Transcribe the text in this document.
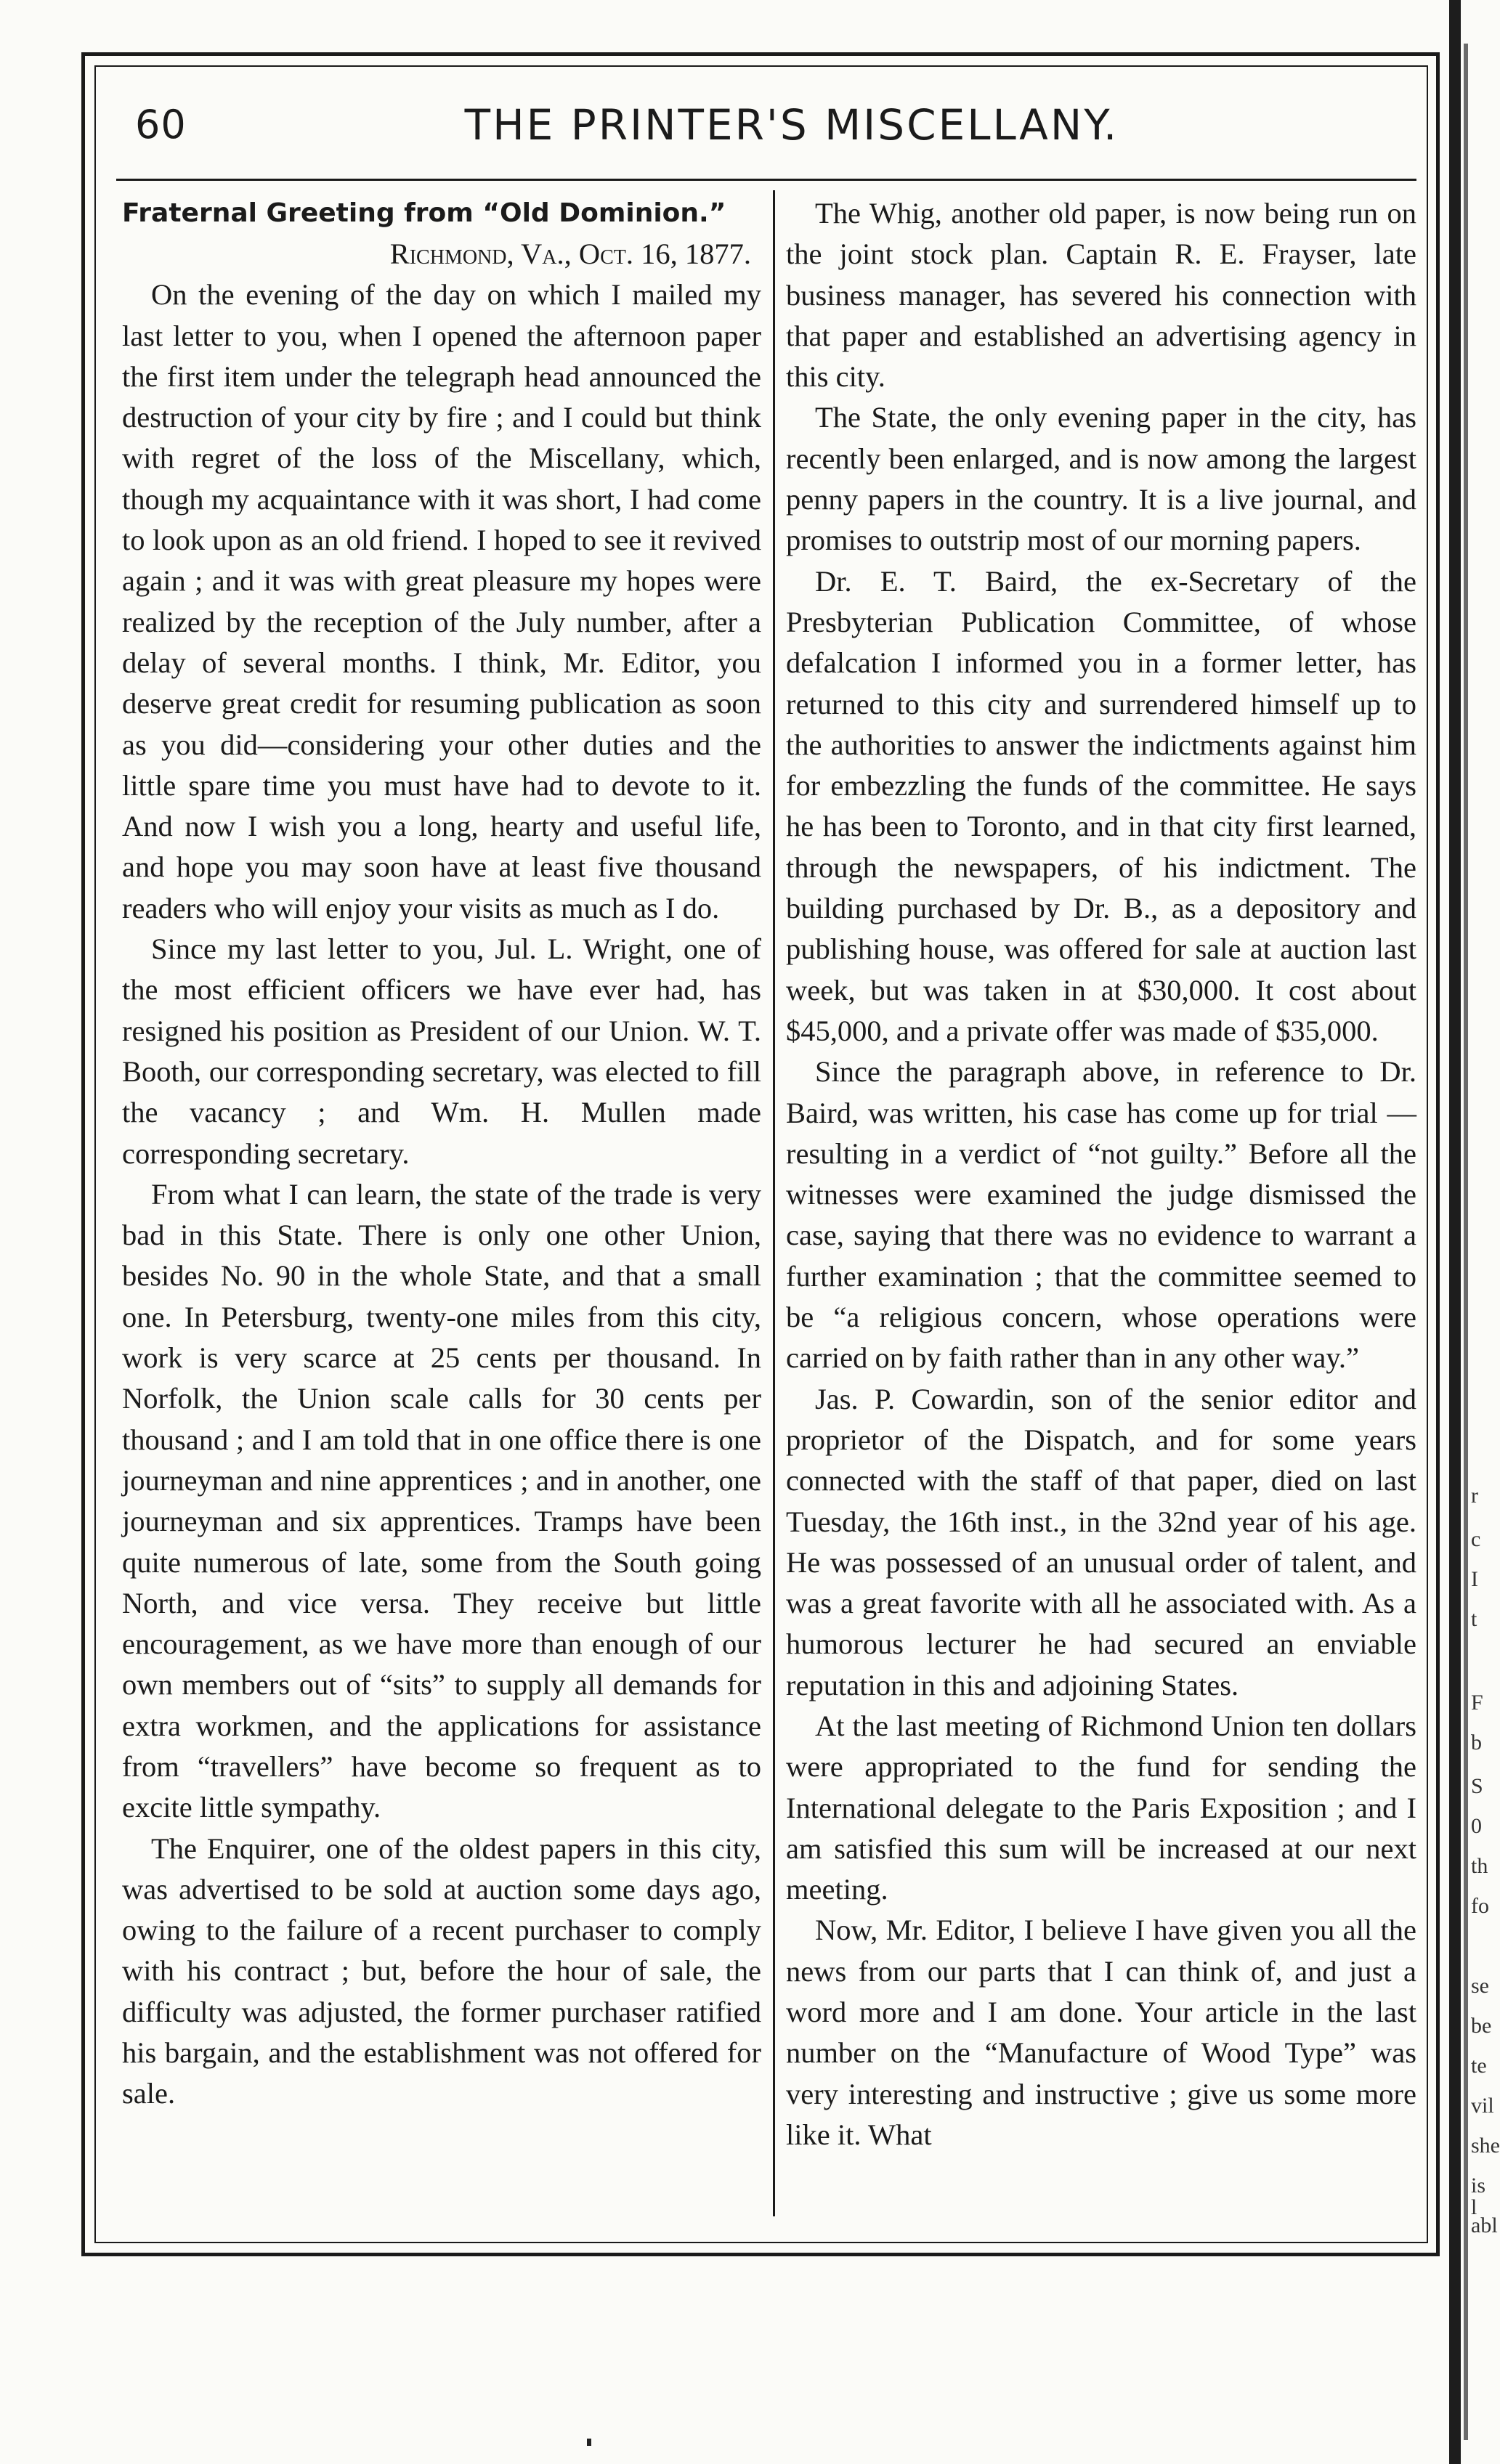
60	THE PRINTER'S MISCELLANY.

Fraternal Greeting from “Old Dominion.”

Richmond, Va., Oct. 16, 1877.

On the evening of the day on which I mailed my last letter to you, when I opened the afternoon paper the first item under the telegraph head announced the destruction of your city by fire ; and I could but think with regret of the loss of the Miscellany, which, though my acquaintance with it was short, I had come to look upon as an old friend. I hoped to see it revived again ; and it was with great pleasure my hopes were realized by the reception of the July number, after a delay of several months. I think, Mr. Editor, you deserve great credit for resuming publication as soon as you did—considering your other duties and the little spare time you must have had to devote to it. And now I wish you a long, hearty and useful life, and hope you may soon have at least five thousand readers who will enjoy your visits as much as I do.

Since my last letter to you, Jul. L. Wright, one of the most efficient officers we have ever had, has resigned his position as President of our Union. W. T. Booth, our corresponding secretary, was elected to fill the vacancy ; and Wm. H. Mullen made corresponding secretary.

From what I can learn, the state of the trade is very bad in this State. There is only one other Union, besides No. 90 in the whole State, and that a small one. In Petersburg, twenty-one miles from this city, work is very scarce at 25 cents per thousand. In Norfolk, the Union scale calls for 30 cents per thousand ; and I am told that in one office there is one journeyman and nine apprentices ; and in another, one journeyman and six apprentices. Tramps have been quite numerous of late, some from the South going North, and vice versa. They receive but little encouragement, as we have more than enough of our own members out of “sits” to supply all demands for extra workmen, and the applications for assistance from “travellers” have become so frequent as to excite little sympathy.

The Enquirer, one of the oldest papers in this city, was advertised to be sold at auction some days ago, owing to the failure of a recent purchaser to comply with his contract ; but, before the hour of sale, the difficulty was adjusted, the former purchaser ratified his bargain, and the establishment was not offered for sale.

The Whig, another old paper, is now being run on the joint stock plan. Captain R. E. Frayser, late business manager, has severed his connection with that paper and established an advertising agency in this city.

The State, the only evening paper in the city, has recently been enlarged, and is now among the largest penny papers in the country. It is a live journal, and promises to outstrip most of our morning papers.

Dr. E. T. Baird, the ex-Secretary of the Presbyterian Publication Committee, of whose defalcation I informed you in a former letter, has returned to this city and surrendered himself up to the authorities to answer the indictments against him for embezzling the funds of the committee. He says he has been to Toronto, and in that city first learned, through the newspapers, of his indictment. The building purchased by Dr. B., as a depository and publishing house, was offered for sale at auction last week, but was taken in at $30,000. It cost about $45,000, and a private offer was made of $35,000.

Since the paragraph above, in reference to Dr. Baird, was written, his case has come up for trial —resulting in a verdict of “not guilty.” Before all the witnesses were examined the judge dismissed the case, saying that there was no evidence to warrant a further examination ; that the committee seemed to be “a religious concern, whose operations were carried on by faith rather than in any other way.”

Jas. P. Cowardin, son of the senior editor and proprietor of the Dispatch, and for some years connected with the staff of that paper, died on last Tuesday, the 16th inst., in the 32nd year of his age. He was possessed of an unusual order of talent, and was a great favorite with all he associated with. As a humorous lecturer he had secured an enviable reputation in this and adjoining States.

At the last meeting of Richmond Union ten dollars were appropriated to the fund for sending the International delegate to the Paris Exposition ; and I am satisfied this sum will be increased at our next meeting.

Now, Mr. Editor, I believe I have given you all the news from our parts that I can think of, and just a word more and I am done. Your article in the last number on the “Manufacture of Wood Type” was very interesting and instructive ; give us some more like it. What

r
c
I
t
F
b
S
0
th
fo
se
be
te
vil
she
is l
abl
